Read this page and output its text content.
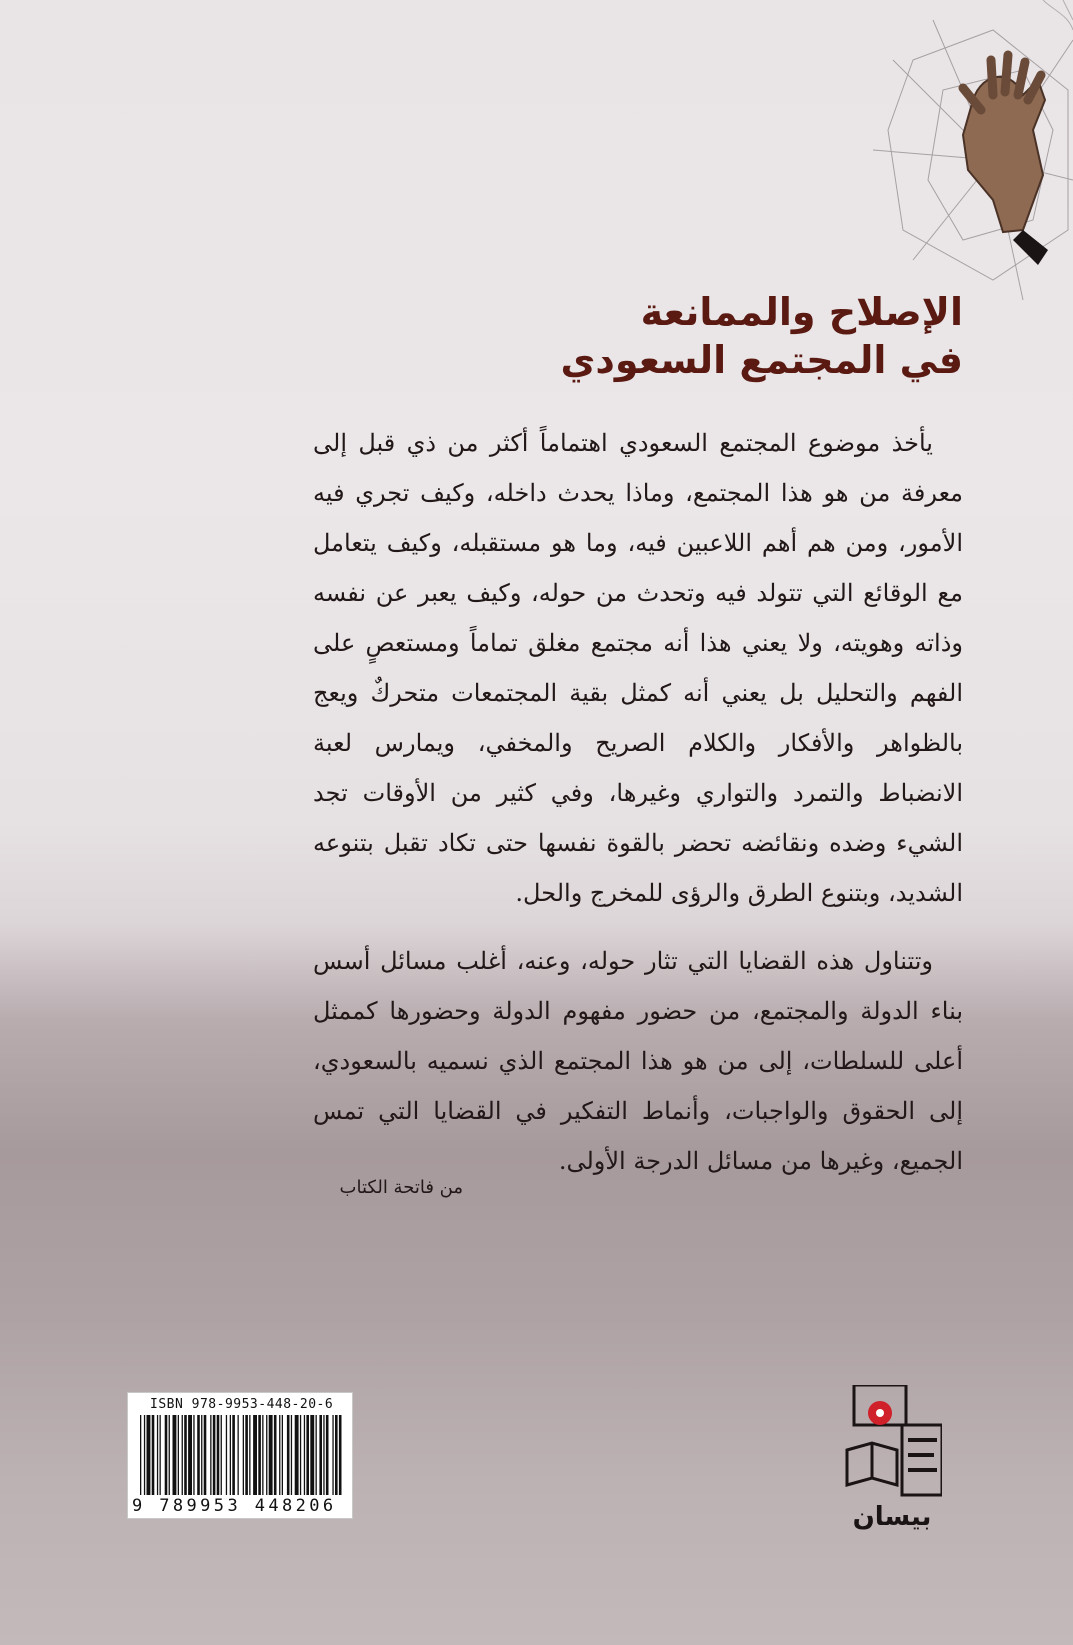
الإصلاح والممانعة
في المجتمع السعودي

يأخذ موضوع المجتمع السعودي اهتماماً أكثر من ذي قبل إلى معرفة من هو هذا المجتمع، وماذا يحدث داخله، وكيف تجري فيه الأمور، ومن هم أهم اللاعبين فيه، وما هو مستقبله، وكيف يتعامل مع الوقائع التي تتولد فيه وتحدث من حوله، وكيف يعبر عن نفسه وذاته وهويته، ولا يعني هذا أنه مجتمع مغلق تماماً ومستعصٍ على الفهم والتحليل بل يعني أنه كمثل بقية المجتمعات متحركٌ ويعج بالظواهر والأفكار والكلام الصريح والمخفي، ويمارس لعبة الانضباط والتمرد والتواري وغيرها، وفي كثير من الأوقات تجد الشيء وضده ونقائضه تحضر بالقوة نفسها حتى تكاد تقبل بتنوعه الشديد، وبتنوع الطرق والرؤى للمخرج والحل.

وتتناول هذه القضايا التي تثار حوله، وعنه، أغلب مسائل أسس بناء الدولة والمجتمع، من حضور مفهوم الدولة وحضورها كممثل أعلى للسلطات، إلى من هو هذا المجتمع الذي نسميه بالسعودي، إلى الحقوق والواجبات، وأنماط التفكير في القضايا التي تمس الجميع، وغيرها من مسائل الدرجة الأولى.

من فاتحة الكتاب
ISBN 978-9953-448-20-6
9 789953 448206	بيسان
